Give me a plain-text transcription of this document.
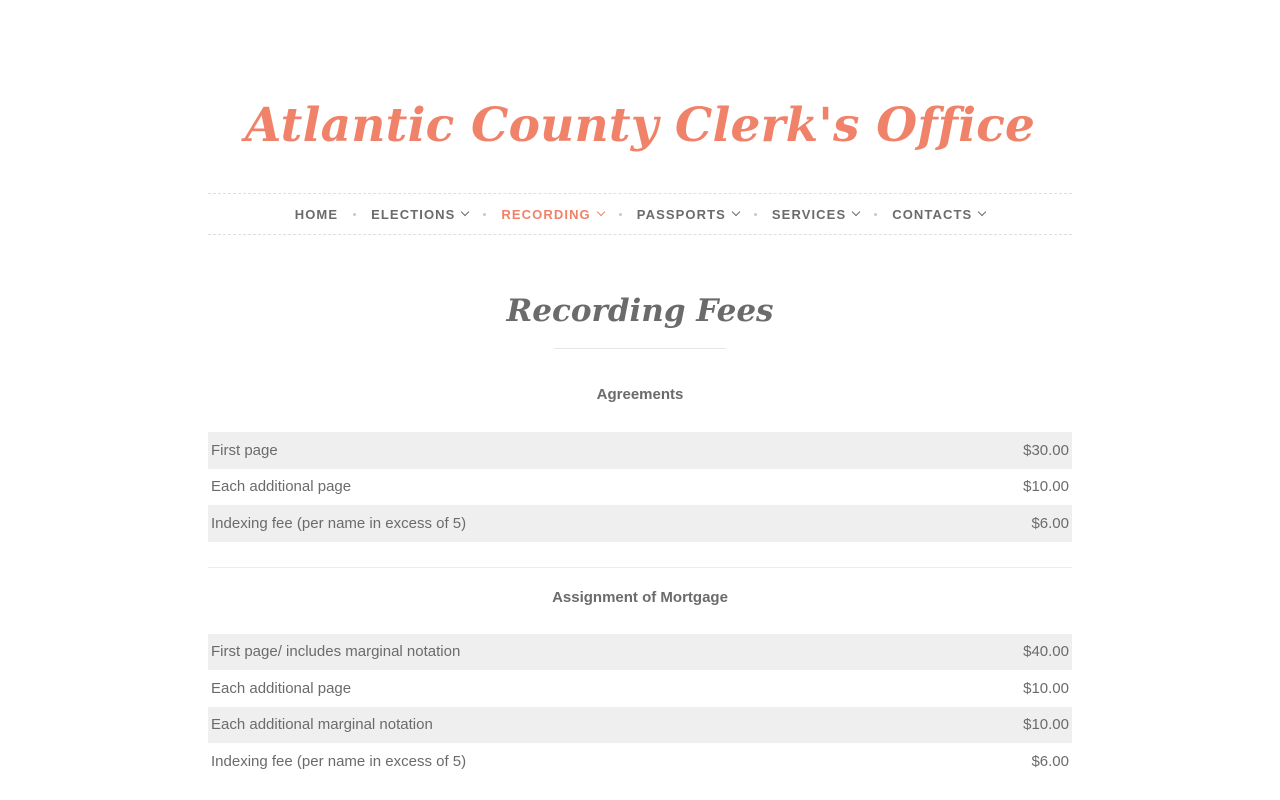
Atlantic County Clerk's Office
HOME	ELECTIONS	RECORDING	PASSPORTS	SERVICES	CONTACTS
Recording Fees
Agreements
First page	$30.00
Each additional page	$10.00
Indexing fee (per name in excess of 5)	$6.00
Assignment of Mortgage
First page/ includes marginal notation	$40.00
Each additional page	$10.00
Each additional marginal notation	$10.00
Indexing fee (per name in excess of 5)	$6.00
